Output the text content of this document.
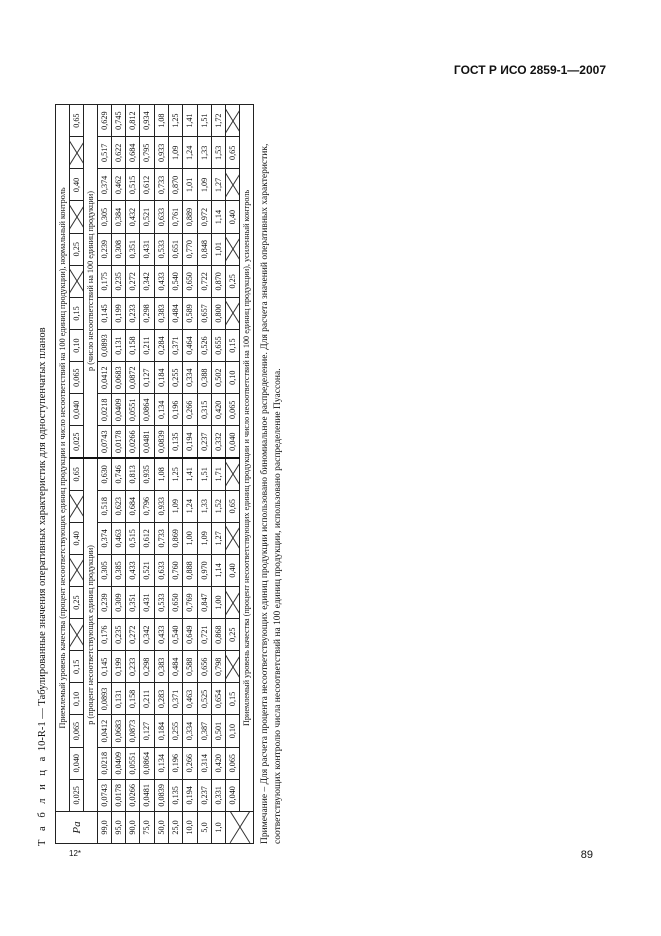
ГОСТ Р ИСО 2859-1—2007
12*	89
Т а б л и ц а 10-R-1 — Табулированные значения оперативных характеристик для одноступенчатых планов
Pa	Приемлемый уровень качества (процент несоответствующих единиц продукции и число несоответствий на 100 единиц продукции), нормальный контроль																					
	0,025	0,040	0,065	0,10	0,15		0,25		0,40		0,65	0,025	0,040	0,065	0,10	0,15		0,25		0,40		0,65
	p (процент несоответствующих единиц продукции)											p (число несоответствий на 100 единиц продукции)										
99,0	0,0743	0,0218	0,0412	0,0893	0,145	0,176	0,239	0,305	0,374	0,518	0,630	0,0743	0,0218	0,0412	0,0893	0,145	0,175	0,239	0,305	0,374	0,517	0,629
95,0	0,0178	0,0409	0,0683	0,131	0,199	0,235	0,309	0,385	0,463	0,623	0,746	0,0178	0,0409	0,0683	0,131	0,199	0,235	0,308	0,384	0,462	0,622	0,745
90,0	0,0266	0,0551	0,0873	0,158	0,233	0,272	0,351	0,433	0,515	0,684	0,813	0,0266	0,0551	0,0872	0,158	0,233	0,272	0,351	0,432	0,515	0,684	0,812
75,0	0,0481	0,0864	0,127	0,211	0,298	0,342	0,431	0,521	0,612	0,796	0,935	0,0481	0,0864	0,127	0,211	0,298	0,342	0,431	0,521	0,612	0,795	0,934
50,0	0,0839	0,134	0,184	0,283	0,383	0,433	0,533	0,633	0,733	0,933	1,08	0,0839	0,134	0,184	0,284	0,383	0,433	0,533	0,633	0,733	0,933	1,08
25,0	0,135	0,196	0,255	0,371	0,484	0,540	0,650	0,760	0,869	1,09	1,25	0,135	0,196	0,255	0,371	0,484	0,540	0,651	0,761	0,870	1,09	1,25
10,0	0,194	0,266	0,334	0,463	0,588	0,649	0,769	0,888	1,00	1,24	1,41	0,194	0,266	0,334	0,464	0,589	0,650	0,770	0,889	1,01	1,24	1,41
5,0	0,237	0,314	0,387	0,525	0,656	0,721	0,847	0,970	1,09	1,33	1,51	0,237	0,315	0,388	0,526	0,657	0,722	0,848	0,972	1,09	1,33	1,51
1,0	0,331	0,420	0,501	0,654	0,798	0,868	1,00	1,14	1,27	1,52	1,71	0,332	0,420	0,502	0,655	0,800	0,870	1,01	1,14	1,27	1,53	1,72
	0,040	0,065	0,10	0,15		0,25		0,40		0,65		0,040	0,065	0,10	0,15		0,25		0,40		0,65	
	Приемлемый уровень качества (процент несоответствующих единиц продукции и число несоответствий на 100 единиц продукции), усиленный контроль																						Примечание – Для расчета процента несоответствующих единиц продукции использовано биномиальное распределение. Для расчета значений оперативных характеристик, соответствующих контролю числа несоответствий на 100 единиц продукции, использовано распределение Пуассона.
